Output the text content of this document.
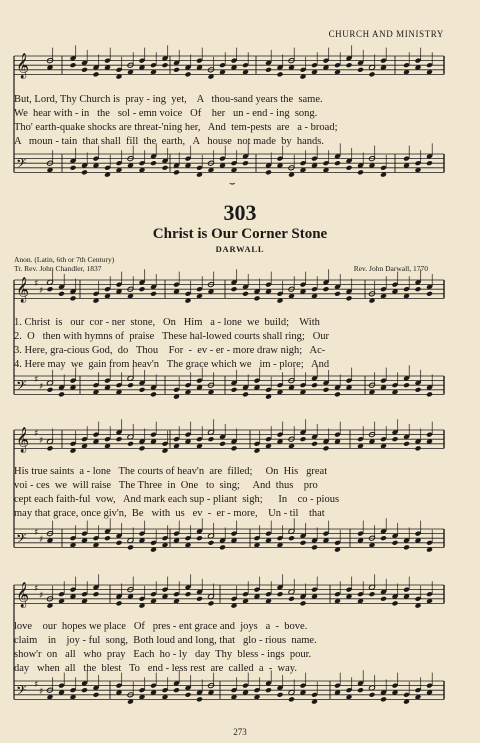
𝄞
𝄢
𝄞 ♯
♯
𝄢 ♯
♯
𝄞 ♯
♯
𝄢 ♯
♯
𝄞 ♯
♯
𝄢 ♯
♯
⌣
CHURCH AND MINISTRY
But, Lord, Thy Church is  pray - ing  yet,    A   thou-sand years the  same.
We  hear with - in   the   sol - emn voice   Of    her   un - end - ing  song.
Tho' earth-quake shocks are threat-'ning her,   And  tem-pests  are   a - broad;
A   moun - tain  that shall  fill  the  earth,   A   house  not made  by  hands.
303
Christ is Our Corner Stone
DARWALL
Anon. (Latin, 6th or 7th Century)
Tr. Rev. John Chandler, 1837	Rev. John Darwall, 1770
1. Christ  is   our  cor - ner  stone,   On   Him   a - lone  we  build;    With
2.  O   then with hymns of  praise   These hal-lowed courts shall ring;   Our
3. Here, gra-cious God,  do   Thou    For  -  ev - er - more draw nigh;   Ac-
4. Here may  we  gain from heav'n   The grace which we   im - plore;   And
His true saints  a - lone   The courts of heav'n  are  filled;     On  His   great
voi - ces  we  will raise   The Three  in  One   to  sing;     And  thus    pro
cept each faith-ful  vow,   And mark each sup - pliant  sigh;      In    co - pious
may that grace, once giv'n,  Be   with  us   ev  -  er - more,    Un - til    that
love    our  hopes we place   Of   pres - ent grace and  joys   a  -  bove.
claim    in    joy - ful  song,  Both loud and long, that   glo - rious  name.
show'r  on   all   who  pray   Each  ho - ly   day  Thy  bless - ings  pour.
day   when  all   the  blest   To   end - less rest  are  called  a  -  way.
273
